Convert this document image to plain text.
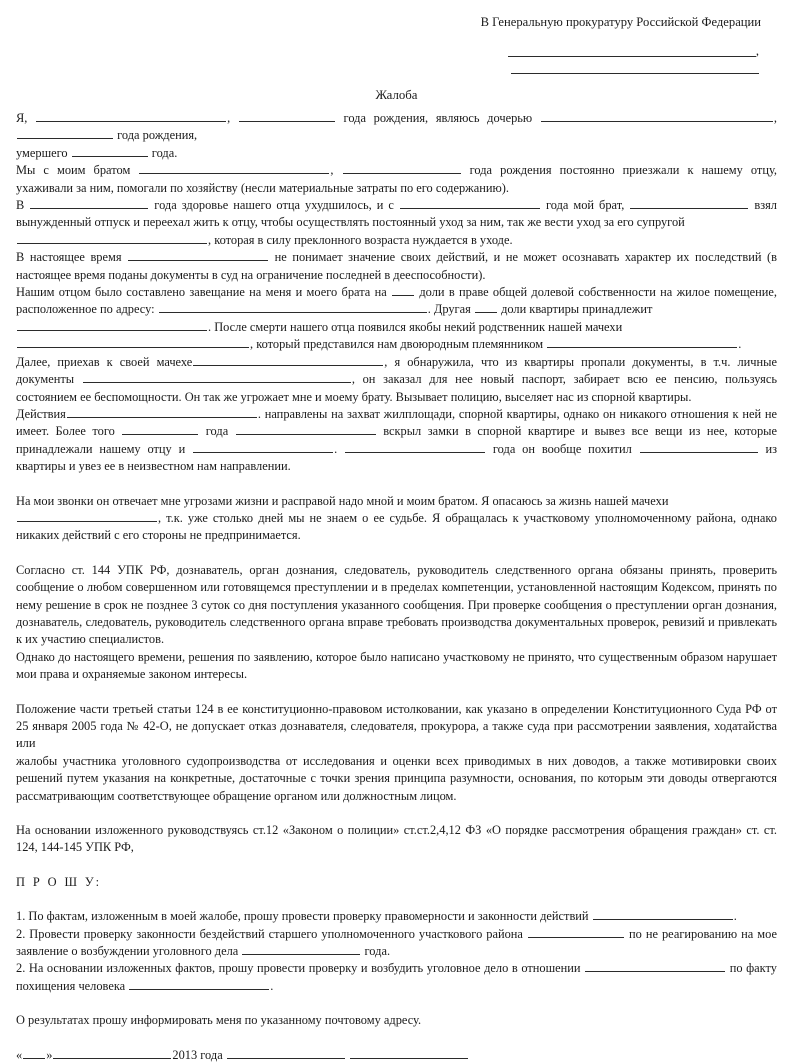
В Генеральную прокуратуру Российской Федерации
,
Жалоба

Я,	,	года рождения, являюсь дочерью	,  года рождения,
умершего	года.

Мы с моим братом	,	года рождения постоянно приезжали к нашему отцу, ухаживали за ним, помогали по хозяйству (несли материальные затраты по его содержанию).

В	года здоровье нашего отца ухудшилось, и с	года мой брат,	взял вынужденный отпуск и переехал жить к отцу, чтобы осуществлять постоянный уход за ним, так же вести уход за его супругой
, которая в силу преклонного возраста нуждается в уходе.

В настоящее время	не понимает значение своих действий, и не может осознавать характер их последствий (в настоящее время поданы документы в суд на ограничение последней в дееспособности).

Нашим отцом было составлено завещание на меня и моего брата на	доли в праве общей долевой собственности на жилое помещение, расположенное по адресу:	. Другая доли квартиры принадлежит
. После смерти нашего отца появился якобы некий родственник нашей мачехи
, который представился нам двоюродным племянником	.

Далее, приехав к своей мачехе	, я обнаружила, что из квартиры пропали документы, в т.ч. личные документы	, он заказал для нее новый паспорт, забирает всю ее пенсию, пользуясь состоянием ее беспомощности. Он так же угрожает мне и моему брату. Вызывает полицию, выселяет нас из спорной квартиры.

Действия	. направлены на захват жилплощади, спорной квартиры, однако он никакого отношения к ней не имеет. Более того	года	вскрыл замки в спорной квартире и вывез все вещи из нее, которые принадлежали нашему отцу и	.	года он вообще похитил	из квартиры и увез ее в неизвестном нам направлении.

На мои звонки он отвечает мне угрозами жизни и расправой надо мной и моим братом. Я опасаюсь за жизнь нашей мачехи
, т.к. уже столько дней мы не знаем о ее судьбе. Я обращалась к участковому уполномоченному района, однако никаких действий с его стороны не предпринимается.

Согласно ст. 144 УПК РФ, дознаватель, орган дознания, следователь, руководитель следственного органа обязаны принять, проверить сообщение о любом совершенном или готовящемся преступлении и в пределах компетенции, установленной настоящим Кодексом, принять по нему решение в срок не позднее 3 суток со дня поступления указанного сообщения. При проверке сообщения о преступлении орган дознания, дознаватель, следователь, руководитель следственного органа вправе требовать производства документальных проверок, ревизий и привлекать к их участию специалистов.

Однако до настоящего времени, решения по заявлению, которое было написано участковому не принято, что существенным образом нарушает мои права и охраняемые законом интересы.

Положение части третьей статьи 124 в ее конституционно-правовом истолковании, как указано в определении Конституционного Суда РФ от 25 января 2005 года № 42-О, не допускает отказ дознавателя, следователя, прокурора, а также суда при рассмотрении заявления, ходатайства или

жалобы участника уголовного судопроизводства от исследования и оценки всех приводимых в них доводов, а также мотивировки своих решений путем указания на конкретные, достаточные с точки зрения принципа разумности, основания, по которым эти доводы отвергаются рассматривающим соответствующее обращение органом или должностным лицом.

На основании изложенного руководствуясь ст.12 «Законом о полиции» ст.ст.2,4,12 ФЗ «О порядке рассмотрения обращения граждан» ст. ст. 124, 144-145 УПК РФ,

П Р О Ш У:

1. По фактам, изложенным в моей жалобе, прошу провести проверку правомерности и законности действий	.

2. Провести проверку законности бездействий старшего уполномоченного участкового района	по не реагированию на мое заявление о возбуждении уголовного дела	года.

2. На основании изложенных фактов, прошу провести проверку и возбудить уголовное дело в отношении	по факту похищения человека	.

О результатах прошу информировать меня по указанному почтовому адресу.

« »	2013 года
